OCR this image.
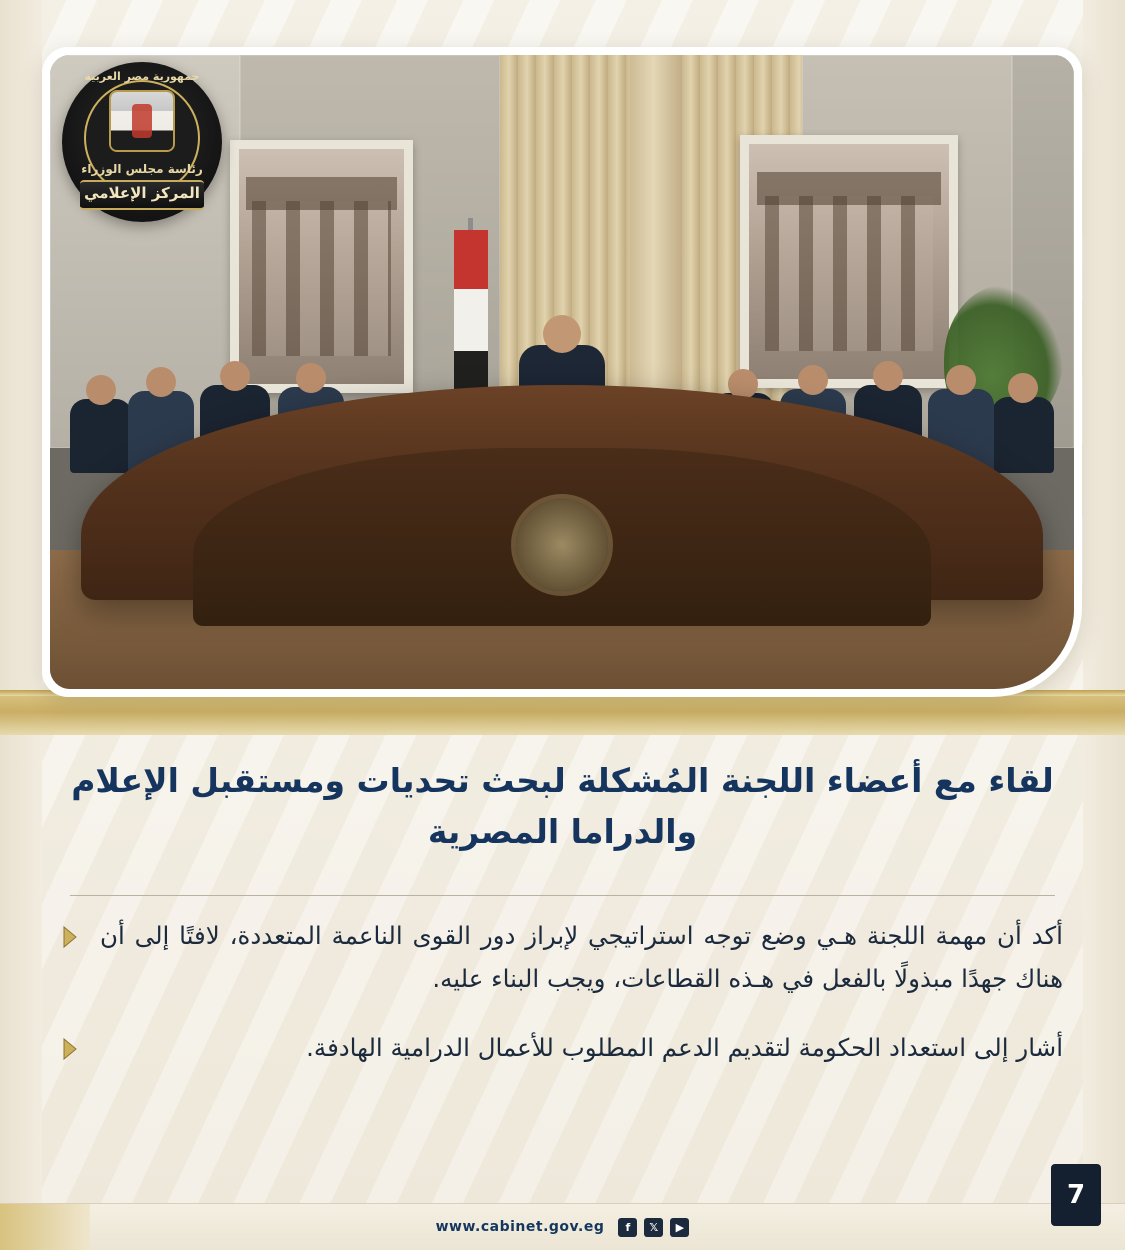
جمهورية مصر العربية
رئاسة مجلس الوزراء
المركز الإعلامي
لقاء مع أعضاء اللجنة المُشكلة لبحث تحديات ومستقبل الإعلام والدراما المصرية
أكد أن مهمة اللجنة هـي وضع توجه استراتيجي لإبراز دور القوى الناعمة المتعددة، لافتًا إلى أن هناك جهدًا مبذولًا بالفعل في هـذه القطاعات، ويجب البناء عليه.
أشار إلى استعداد الحكومة لتقديم الدعم المطلوب للأعمال الدرامية الهادفة.
www.cabinet.gov.eg	f	𝕏	▶
7
